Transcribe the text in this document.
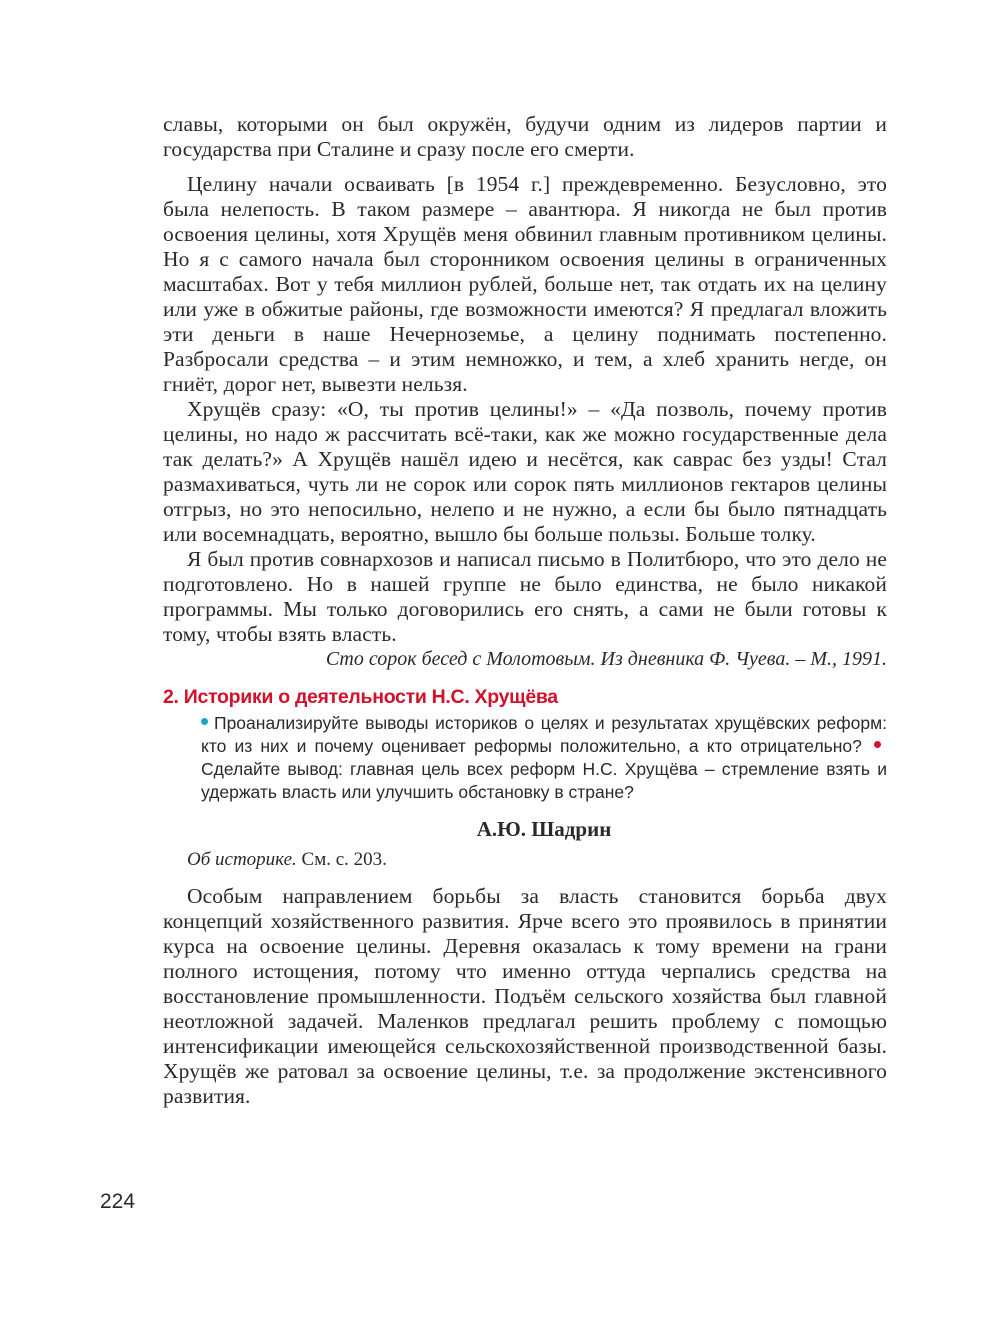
славы, которыми он был окружён, будучи одним из лидеров партии и государства при Сталине и сразу после его смерти.

Целину начали осваивать [в 1954 г.] преждевременно. Безусловно, это была нелепость. В таком размере – авантюра. Я никогда не был против освоения целины, хотя Хрущёв меня обвинил главным противником целины. Но я с самого начала был сторонником освоения целины в ограниченных масштабах. Вот у тебя миллион рублей, больше нет, так отдать их на целину или уже в обжитые районы, где возможности имеются? Я предлагал вложить эти деньги в наше Нечерноземье, а целину поднимать постепенно. Разбросали средства – и этим немножко, и тем, а хлеб хранить негде, он гниёт, дорог нет, вывезти нельзя.

Хрущёв сразу: «О, ты против целины!» – «Да позволь, почему против целины, но надо ж рассчитать всё-таки, как же можно государственные дела так делать?» А Хрущёв нашёл идею и несётся, как саврас без узды! Стал размахиваться, чуть ли не сорок или сорок пять миллионов гектаров целины отгрыз, но это непосильно, нелепо и не нужно, а если бы было пятнадцать или восемнадцать, вероятно, вышло бы больше пользы. Больше толку.

Я был против совнархозов и написал письмо в Политбюро, что это дело не подготовлено. Но в нашей группе не было единства, не было никакой программы. Мы только договорились его снять, а сами не были готовы к тому, чтобы взять власть.

Сто сорок бесед с Молотовым. Из дневника Ф. Чуева. – М., 1991.

2. Историки о деятельности Н.С. Хрущёва
Проанализируйте выводы историков о целях и результатах хрущёвских реформ: кто из них и почему оценивает реформы положительно, а кто отрицательно? Сделайте вывод: главная цель всех реформ Н.С. Хрущёва – стремление взять и удержать власть или улучшить обстановку в стране?
А.Ю. Шадрин

Об историке. См. с. 203.

Особым направлением борьбы за власть становится борьба двух концепций хозяйственного развития. Ярче всего это проявилось в принятии курса на освоение целины. Деревня оказалась к тому времени на грани полного истощения, потому что именно оттуда черпались средства на восстановление промышленности. Подъём сельского хозяйства был главной неотложной задачей. Маленков предлагал решить проблему с помощью интенсификации имеющейся сельскохозяйственной производственной базы. Хрущёв же ратовал за освоение целины, т.е. за продолжение экстенсивного развития.

224
